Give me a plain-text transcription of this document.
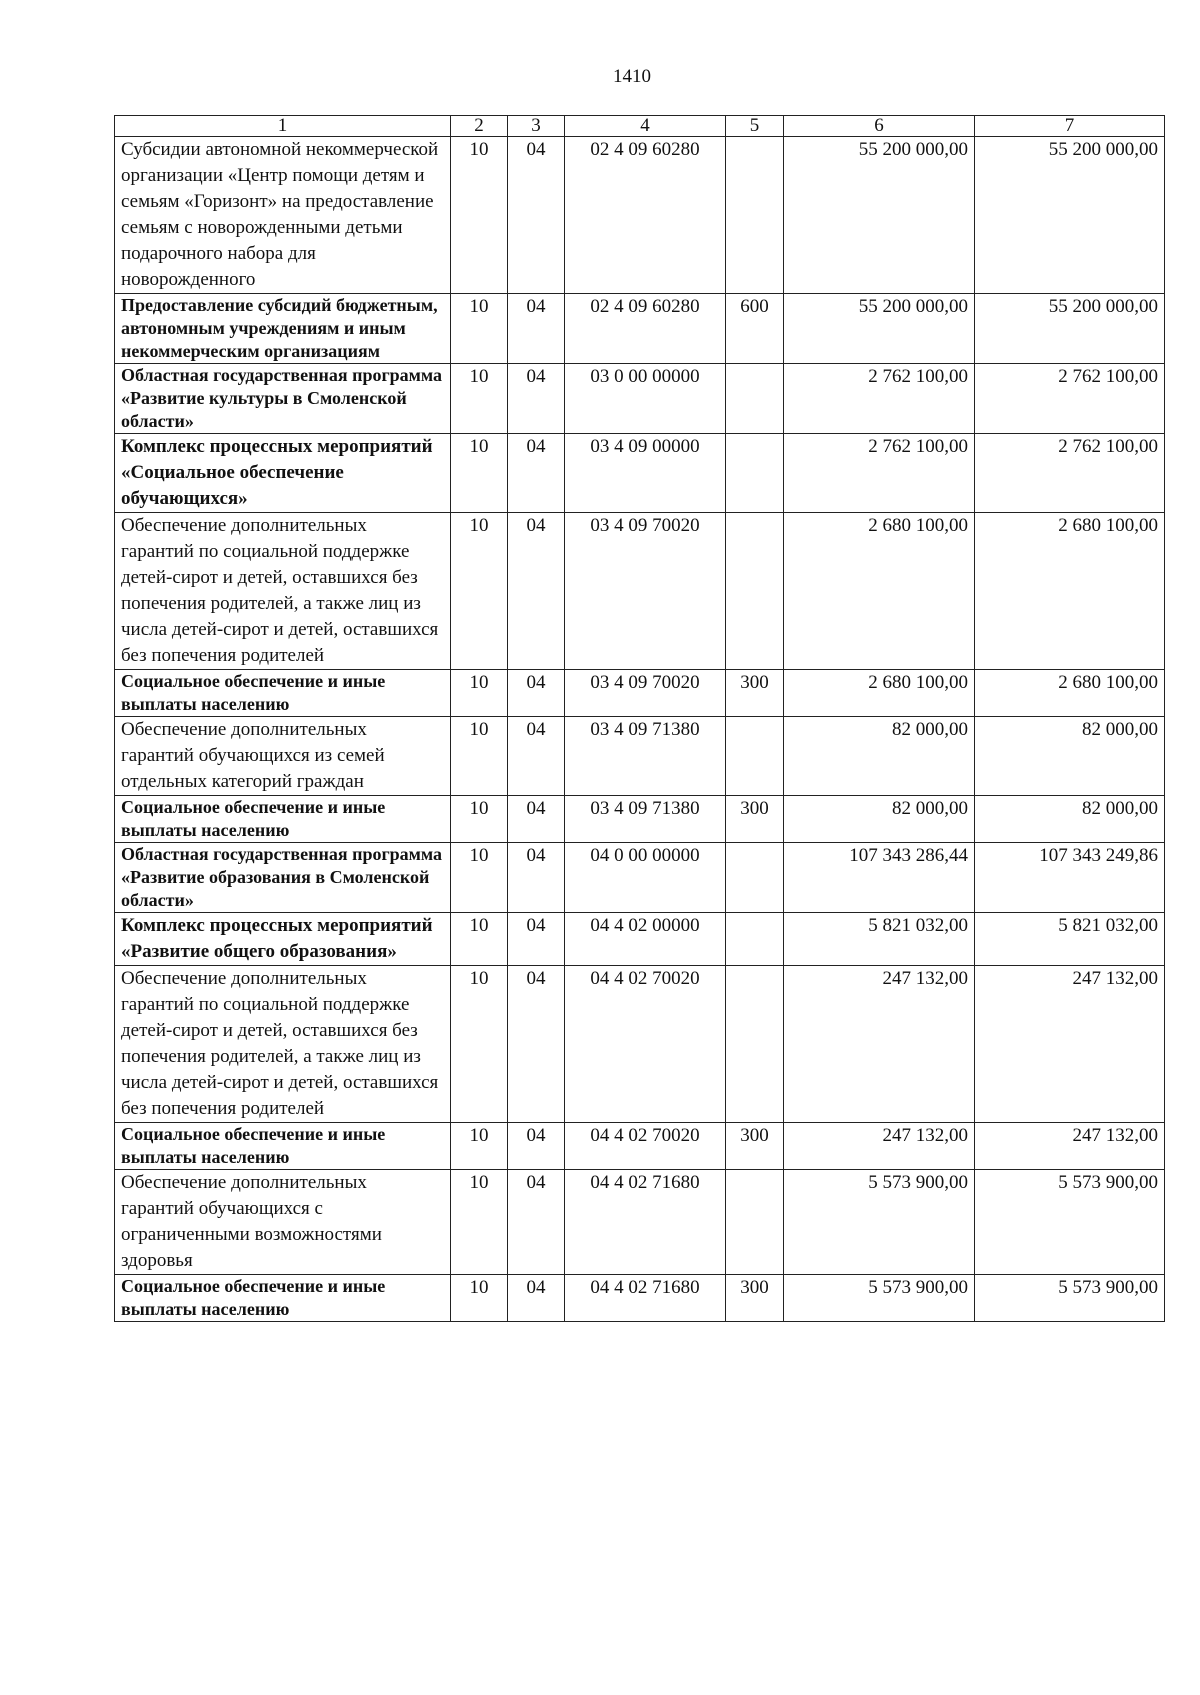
1410
1	2	3	4	5	6	7
Субсидии автономной некоммерческой организации «Центр помощи детям и семьям «Горизонт» на предоставление семьям с новорожденными детьми подарочного набора для новорожденного	10	04	02 4 09 60280		55 200 000,00	55 200 000,00
Предоставление субсидий бюджетным, автономным учреждениям и иным некоммерческим организациям	10	04	02 4 09 60280	600	55 200 000,00	55 200 000,00
Областная государственная программа «Развитие культуры в Смоленской области»	10	04	03 0 00 00000		2 762 100,00	2 762 100,00
Комплекс процессных мероприятий «Социальное обеспечение обучающихся»	10	04	03 4 09 00000		2 762 100,00	2 762 100,00
Обеспечение дополнительных гарантий по социальной поддержке детей-сирот и детей, оставшихся без попечения родителей, а также лиц из числа детей-сирот и детей, оставшихся без попечения родителей	10	04	03 4 09 70020		2 680 100,00	2 680 100,00
Социальное обеспечение и иные выплаты населению	10	04	03 4 09 70020	300	2 680 100,00	2 680 100,00
Обеспечение дополнительных гарантий обучающихся из семей отдельных категорий граждан	10	04	03 4 09 71380		82 000,00	82 000,00
Социальное обеспечение и иные выплаты населению	10	04	03 4 09 71380	300	82 000,00	82 000,00
Областная государственная программа «Развитие образования в Смоленской области»	10	04	04 0 00 00000		107 343 286,44	107 343 249,86
Комплекс процессных мероприятий «Развитие общего образования»	10	04	04 4 02 00000		5 821 032,00	5 821 032,00
Обеспечение дополнительных гарантий по социальной поддержке детей-сирот и детей, оставшихся без попечения родителей, а также лиц из числа детей-сирот и детей, оставшихся без попечения родителей	10	04	04 4 02 70020		247 132,00	247 132,00
Социальное обеспечение и иные выплаты населению	10	04	04 4 02 70020	300	247 132,00	247 132,00
Обеспечение дополнительных гарантий обучающихся с ограниченными возможностями здоровья	10	04	04 4 02 71680		5 573 900,00	5 573 900,00
Социальное обеспечение и иные выплаты населению	10	04	04 4 02 71680	300	5 573 900,00	5 573 900,00
